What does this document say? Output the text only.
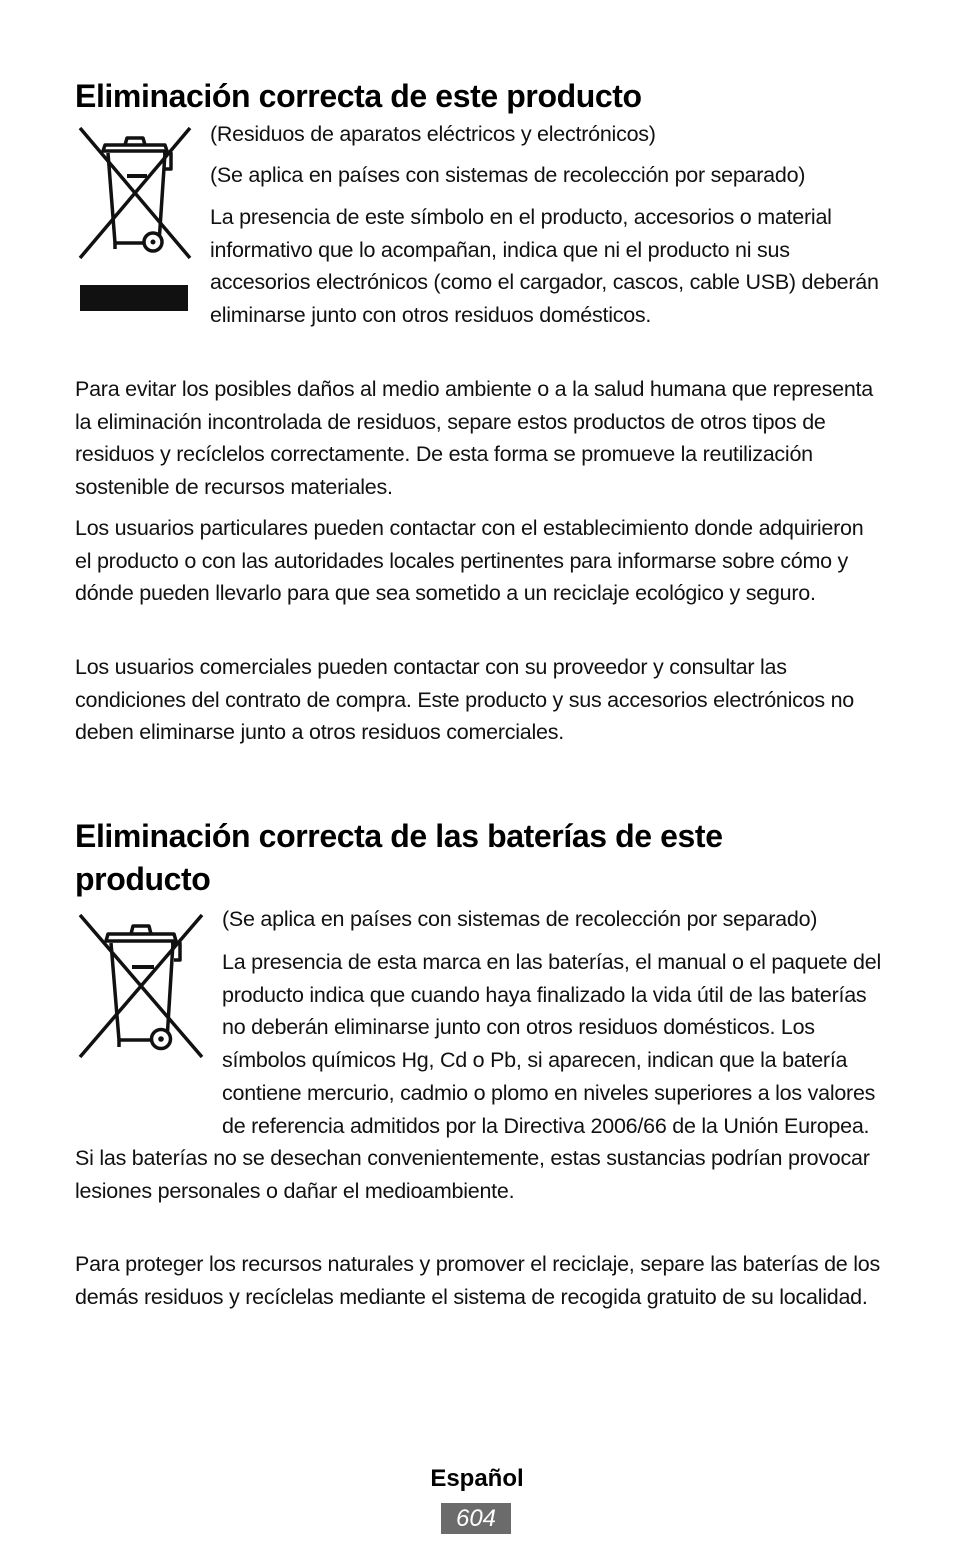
Eliminación correcta de este producto

(Residuos de aparatos eléctricos y electrónicos)

(Se aplica en países con sistemas de recolección por separado)

La presencia de este símbolo en el producto, accesorios o material informativo que lo acompañan, indica que ni el producto ni sus accesorios electrónicos (como el cargador, cascos, cable USB) deberán eliminarse junto con otros residuos domésticos.

Para evitar los posibles daños al medio ambiente o a la salud humana que representa la eliminación incontrolada de residuos, separe estos productos de otros tipos de residuos y recíclelos correctamente. De esta forma se promueve la reutilización sostenible de recursos materiales.

Los usuarios particulares pueden contactar con el establecimiento donde adquirieron el producto o con las autoridades locales pertinentes para informarse sobre cómo y dónde pueden llevarlo para que sea sometido a un reciclaje ecológico y seguro.

Los usuarios comerciales pueden contactar con su proveedor y consultar las condiciones del contrato de compra. Este producto y sus accesorios electrónicos no deben eliminarse junto a otros residuos comerciales.

Eliminación correcta de las baterías de este producto

(Se aplica en países con sistemas de recolección por separado)

La presencia de esta marca en las baterías, el manual o el paquete del producto indica que cuando haya finalizado la vida útil de las baterías no deberán eliminarse junto con otros residuos domésticos. Los símbolos químicos Hg, Cd o Pb, si aparecen, indican que la batería contiene mercurio, cadmio o plomo en niveles superiores a los valores de referencia admitidos por la Directiva 2006/66 de la Unión Europea. Si las baterías no se desechan convenientemente, estas sustancias podrían provocar lesiones personales o dañar el medioambiente.

Para proteger los recursos naturales y promover el reciclaje, separe las baterías de los demás residuos y recíclelas mediante el sistema de recogida gratuito de su localidad.

Español
604
